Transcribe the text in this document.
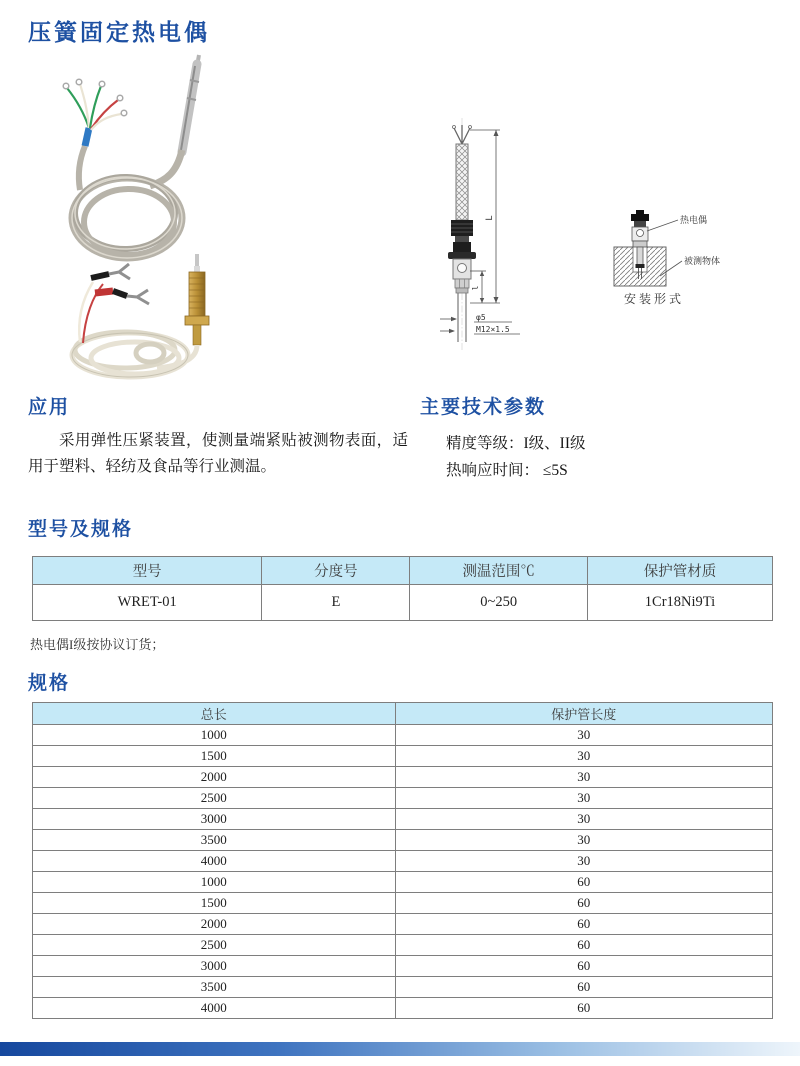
压簧固定热电偶
L
l
φ5
M12×1.5
热电偶
被测物体
安装形式
应用
采用弹性压紧装置，使测量端紧贴被测物表面，适用于塑料、轻纺及食品等行业测温。
主要技术参数
精度等级：I级、II级
热响应时间： ≤5S
型号及规格
型号	分度号	测温范围℃	保护管材质
WRET-01	E	0~250	1Cr18Ni9Ti
热电偶I级按协议订货；
规格
总长	保护管长度
1000	30
1500	30
2000	30
2500	30
3000	30
3500	30
4000	30
1000	60
1500	60
2000	60
2500	60
3000	60
3500	60
4000	60
